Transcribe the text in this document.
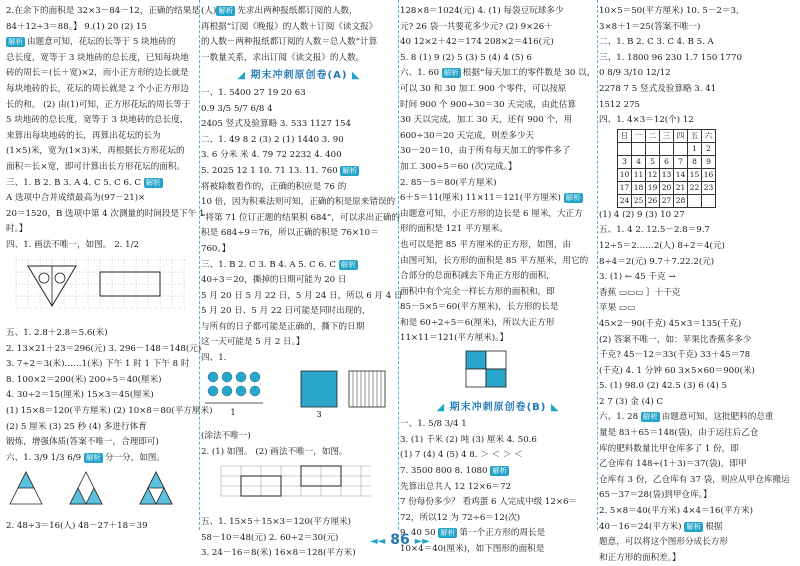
2.在余下的面积是 32×3－84－12，正确的结果是
84＋12÷3＝88。】 9.(1) 20 (2) 15
解析 由题意可知，花坛的长等于 5 块地砖的
总长度，宽等于 3 块地砖的总长度，已知每块地
砖的周长＝(长＋宽)×2，而小正方形的边长就是
每块地砖的长，花坛的周长就是 2 个小正方形边
长的和。 (2) 由(1)可知，正方形花坛的周长等于
5 块地砖的总长度，宽等于 3 块地砖的总长度，
来算出每块地砖的长，再算出花坛的长为
(1×5)米，宽为(1×3)米，再根据长方形花坛的
面积＝长×宽，即可计算出长方形花坛的面积。
三、1. B 2. B 3. A 4. C 5. C 6. C 解析
A 选项中合并成绩最高为(97－21)×
20＝1520，B 选项中第 4 次测量的时间段是下午 1
时。】
四、1. 画法不唯一，如图。 2. 1/2
五、1. 2.8＋2.8＝5.6(米)
2. 13×21＋23＝296(元) 3. 296－148＝148(元)
3. 7÷2＝3(米)……1(米) 下午 1 时 1 下午 8 时
8. 100×2＝200(米) 200÷5＝40(厘米)
4. 30÷2＝15(厘米) 15×3＝45(厘米)
(1) 15×8＝120(平方厘米) (2) 10×8＝80(平方厘米)
(2) 5 厘米 (3) 25 秒 (4) 多进行体育
锻炼，增强体质(答案不唯一，合理即可)
六、1. 3/9 1/3 6/9 解析 分一分，如图。
2. 48÷3＝16(人) 48－27＋18＝39
(人) 解析 先求出两种报纸都订阅的人数，
再根据“订阅《晚报》的人数＋订阅《读文报》
的人数－两种报纸都订阅的人数＝总人数”计算
一数量关系，求出订阅《读文报》的人数。
◢ 期末冲刺原创卷(A) ◣
一、1. 5400 27 19 20 63
0.9 3/5 5/7 6/8 4
2405 竖式及验算略 3. 533 1127 154
二、1. 49 8 2 (3) 2 (1) 1440 3. 90
3. 6 分米 米 4. 79 72 2232 4. 400
5. 2025 12 1 10. 71 13. 11. 760 解析
将被除数看作的，正确的积应是 76 的
10 倍，因为积乘法则可知，正确的积是原来错误的
“将第 71 位订正题的结果积 684”，可以求出正确的
积是 684÷9＝76，所以正确的积是 76×10＝
760。】
三、1. B 2. C 3. B 4. A 5. C 6. C 解析
40÷3＝20，撕掉的日期可能为 20 日
5 月 20 日 5 月 22 日，5 月 24 日，所以 6 月 4 日
5 月 20 日、5 月 22 日可能是同时出现的，
与所有的日子都可能是正确的，撕下的日期
这一天可能是 5 月 2 日。】
四、1.
1	3
(涂法不唯一)
2. (1) 如图。 (2) 画法不唯一，如图。
五、1. 15×5＋15×3＝120(平方厘米)
58－10＝48(元) 2. 60÷2＝30(元)
3. 24－16＝8(米) 16×8＝128(平方米)
128×8＝1024(元) 4. (1) 每袋豆玩球多少
元? 26 袋一共要花多少元? (2) 9×26＋
40 12×2＋42＝174 208×2＝416(元)
5. 8 (1) 9 (2) 5 (3) 5 (4) 4 (5) 6
六、1. 60 解析 根据“每天加工的零件数是 30 以，
可以 30 和 30 加工 900 个零件，可以按原
时间 900 个 900÷30＝30 天完成，由此估算
30 天以完成，加工 30 天，还有 900 个，用
600÷30＝20 天完成，则差多少天
30－20＝10，由于所有每天加工的零件多了
加工 300÷5＝60 (次)完成。】
2. 85－5＝80(平方厘米)
6＋5＝11(厘米) 11×11＝121(平方厘米) 解析
由题意可知，小正方形的边长是 6 厘米，大正方
形的面积是 121 平方厘米。
也可以是把 85 平方厘米的正方形，如图，由
由图可知，长方形的面积是 85 平方厘米，用它的
合部分的总面积减去下角正方形的面积，
面积中有个完全一样长方形的面积和，即
85－5×5＝60(平方厘米)，长方形的长是
和是 60÷2÷5＝6(厘米)，所以大正方形
11×11＝121(平方厘米)。】
◢ 期末冲刺原创卷(B) ◣
一、1. 5/8 3/4 1
3. (1) 千米 (2) 吨 (3) 厘米 4. 50.6
(1) 7 (4) 4 (5) 4 8. ＞ ＜ ＞ ＜
7. 3500 800 8. 1080 解析
先算出总共人 12 12×6＝72
7 份每份多少？ 看鸡蛋 6 人完成中级 12×6＝
72，所以12 为 72÷6＝12(次)
9. 40 50 解析 第一个正方形的周长是
10×4＝40(厘米)，如下图形的面积是
10×5＝50(平方厘米) 10. 5－2＝3，
3×8＋1＝25(答案不唯一)
二、1. B 2. C 3. C 4. B 5. A
三、1. 1800 96 230 1.7 150 1770
0 8/9 3/10 12/12
2278 7 5 竖式及验算略 3. 41
1512 275
四、1. 4×3＝12(个) 12
日	一	二	三	四	五	六
					1	2
3	4	5	6	7	8	9
10	11	12	13	14	15	16
17	18	19	20	21	22	23
24	25	26	27	28		
(1) 4 (2) 9 (3) 10 27
五、1. 4 2. 12.5－2.8＝9.7
12÷5＝2……2(人) 8÷2＝4(元)
8÷4＝2(元) 9.7＋7.22.2(元)
3. (1) ← 45 千克 →
香蕉 ▭▭▭ ｝十千克
苹果 ▭▭
45×2－90(千克) 45×3＝135(千克)
(2) 答案不唯一，如：苹果比香蕉多多少
千克? 45－12＝33(千克) 33＋45＝78
(千克) 4. 1 分钟 60 3×5×60＝900(米)
5. (1) 98.0 (2) 42.5 (3) 6 (4) 5
2 7 (3) 金 (4) C
六、1. 28 解析 由题意可知，这批肥料的总重
量是 83＋65＝148(袋)，由于运往后乙仓
库的肥料数量比甲仓库多了 1 份，即
乙仓库有 148÷(1＋3)＝37(袋)，即甲
仓库有 3 份，乙仓库有 37 袋，则应从甲仓库搬运
65－37＝28(袋)到甲仓库。】
2. 5×8＝40(平方米) 4×4＝16(平方米)
40－16＝24(平方米) 解析 根据
题意，可以将这个图形分成长方形
和正方形的面积差。】
◄◄ 86 ►►
